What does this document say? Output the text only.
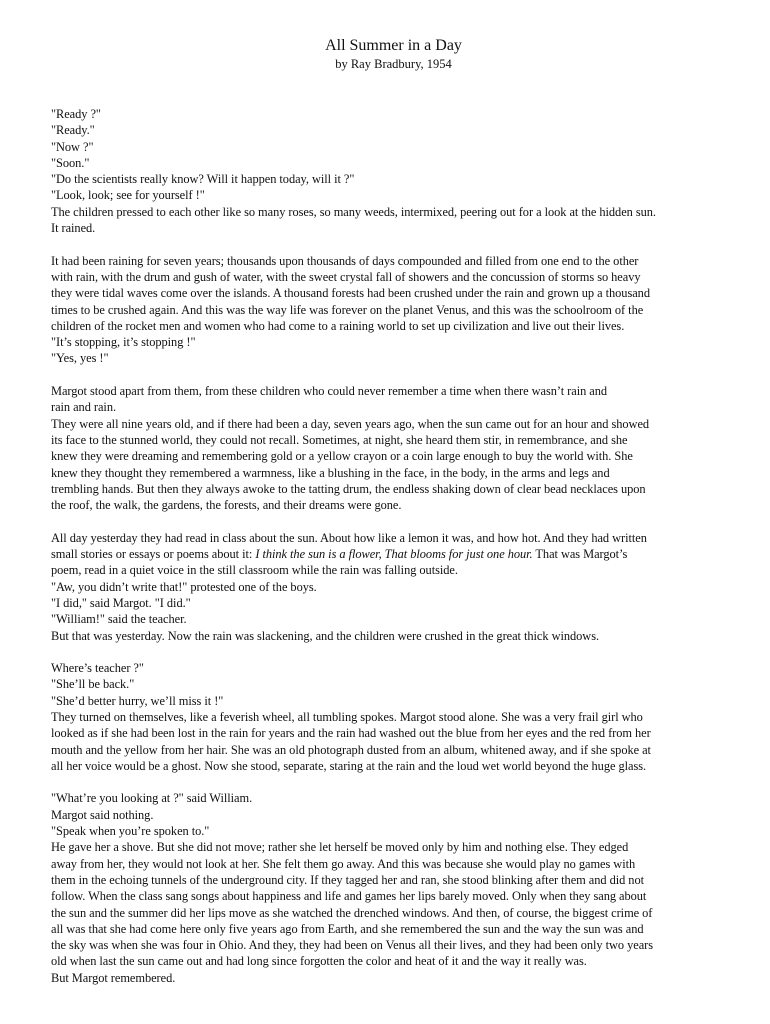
All Summer in a Day
by Ray Bradbury, 1954
"Ready ?"
"Ready."
"Now ?"
"Soon."
"Do the scientists really know? Will it happen today, will it ?"
"Look, look; see for yourself !"
The children pressed to each other like so many roses, so many weeds, intermixed, peering out for a look at the hidden sun.
It rained.
It had been raining for seven years; thousands upon thousands of days compounded and filled from one end to the other
with rain, with the drum and gush of water, with the sweet crystal fall of showers and the concussion of storms so heavy
they were tidal waves come over the islands. A thousand forests had been crushed under the rain and grown up a thousand
times to be crushed again. And this was the way life was forever on the planet Venus, and this was the schoolroom of the
children of the rocket men and women who had come to a raining world to set up civilization and live out their lives.
"It’s stopping, it’s stopping !"
"Yes, yes !"
Margot stood apart from them, from these children who could never remember a time when there wasn’t rain and
rain and rain.
They were all nine years old, and if there had been a day, seven years ago, when the sun came out for an hour and showed
its face to the stunned world, they could not recall. Sometimes, at night, she heard them stir, in remembrance, and she
knew they were dreaming and remembering gold or a yellow crayon or a coin large enough to buy the world with. She
knew they thought they remembered a warmness, like a blushing in the face, in the body, in the arms and legs and
trembling hands. But then they always awoke to the tatting drum, the endless shaking down of clear bead necklaces upon
the roof, the walk, the gardens, the forests, and their dreams were gone.
All day yesterday they had read in class about the sun. About how like a lemon it was, and how hot. And they had written
small stories or essays or poems about it: I think the sun is a flower, That blooms for just one hour. That was Margot’s
poem, read in a quiet voice in the still classroom while the rain was falling outside.
"Aw, you didn’t write that!" protested one of the boys.
"I did," said Margot. "I did."
"William!" said the teacher.
But that was yesterday. Now the rain was slackening, and the children were crushed in the great thick windows.
Where’s teacher ?"
"She’ll be back."
"She’d better hurry, we’ll miss it !"
They turned on themselves, like a feverish wheel, all tumbling spokes. Margot stood alone. She was a very frail girl who
looked as if she had been lost in the rain for years and the rain had washed out the blue from her eyes and the red from her
mouth and the yellow from her hair. She was an old photograph dusted from an album, whitened away, and if she spoke at
all her voice would be a ghost. Now she stood, separate, staring at the rain and the loud wet world beyond the huge glass.
"What’re you looking at ?" said William.
Margot said nothing.
"Speak when you’re spoken to."
He gave her a shove. But she did not move; rather she let herself be moved only by him and nothing else. They edged
away from her, they would not look at her. She felt them go away. And this was because she would play no games with
them in the echoing tunnels of the underground city. If they tagged her and ran, she stood blinking after them and did not
follow. When the class sang songs about happiness and life and games her lips barely moved. Only when they sang about
the sun and the summer did her lips move as she watched the drenched windows. And then, of course, the biggest crime of
all was that she had come here only five years ago from Earth, and she remembered the sun and the way the sun was and
the sky was when she was four in Ohio. And they, they had been on Venus all their lives, and they had been only two years
old when last the sun came out and had long since forgotten the color and heat of it and the way it really was.
But Margot remembered.
